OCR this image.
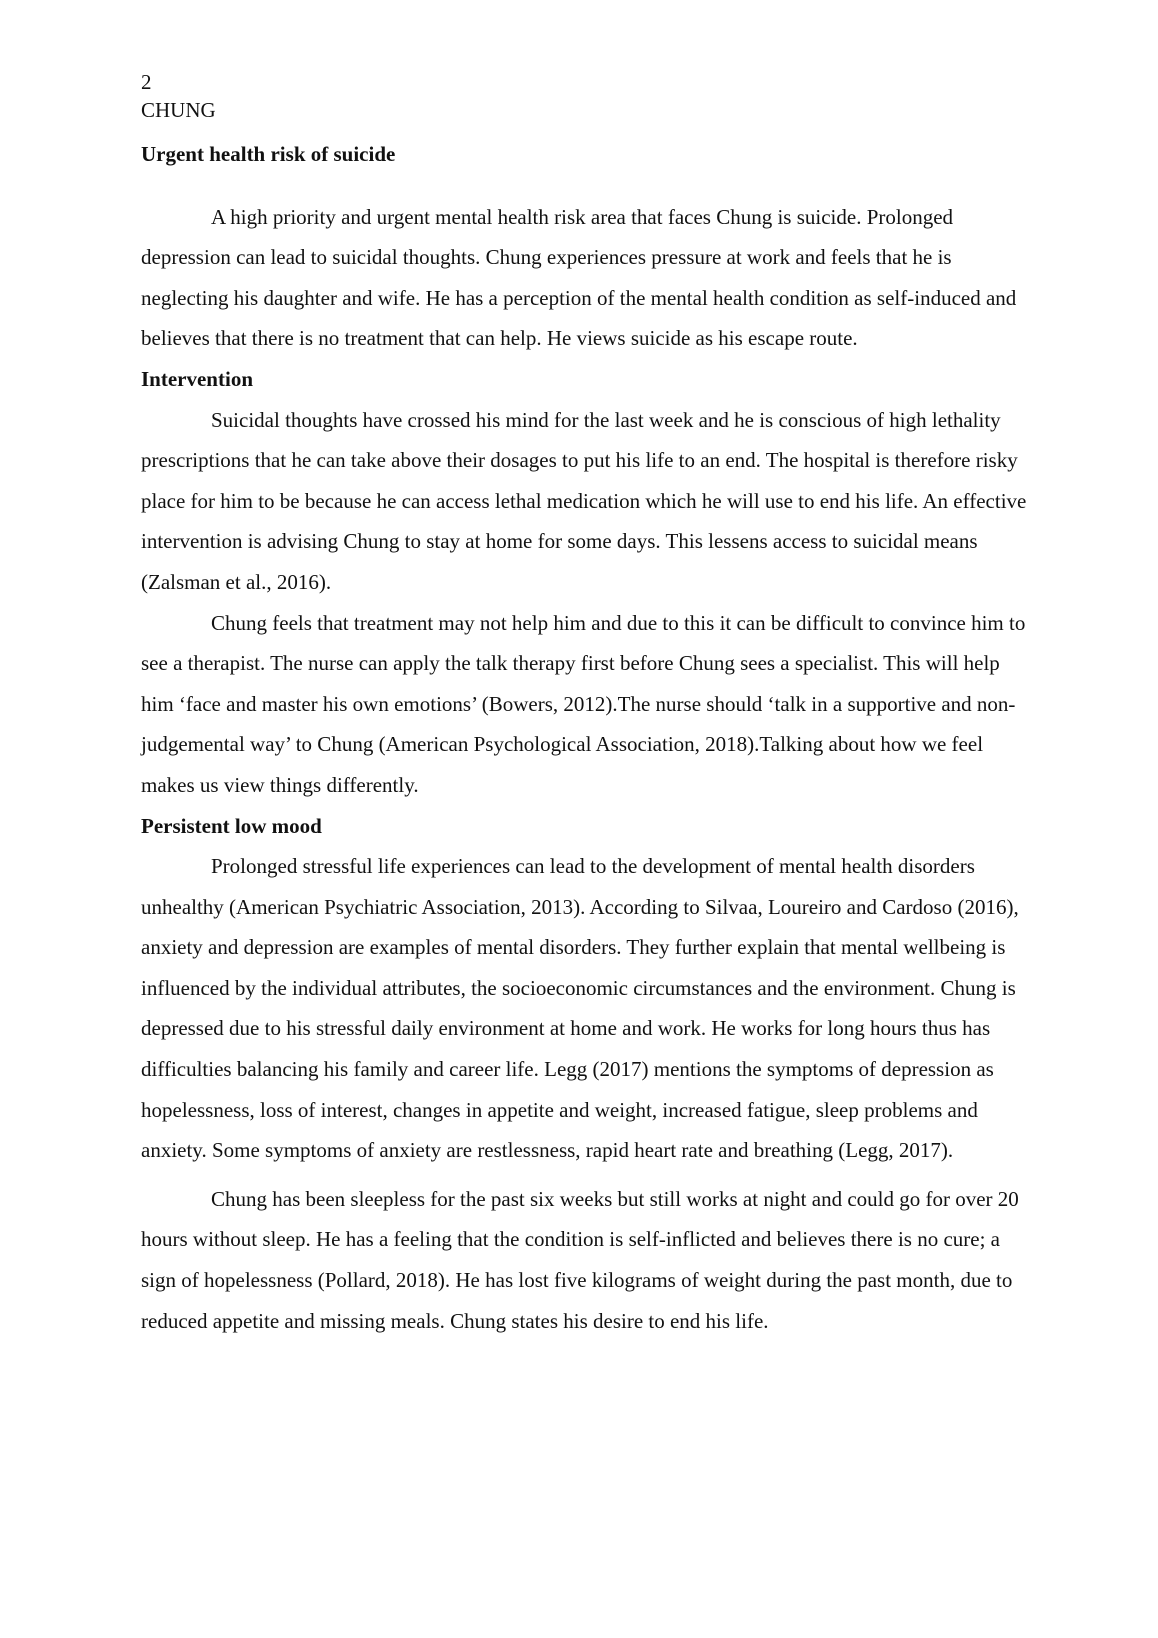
2

CHUNG

Urgent health risk of suicide

A high priority and urgent mental health risk area that faces Chung is suicide. Prolonged depression can lead to suicidal thoughts. Chung experiences pressure at work and feels that he is neglecting his daughter and wife. He has a perception of the mental health condition as self-induced and believes that there is no treatment that can help. He views suicide as his escape route.

Intervention

Suicidal thoughts have crossed his mind for the last week and he is conscious of high lethality prescriptions that he can take above their dosages to put his life to an end. The hospital is therefore risky place for him to be because he can access lethal medication which he will use to end his life. An effective intervention is advising Chung to stay at home for some days. This lessens access to suicidal means (Zalsman et al., 2016).

Chung feels that treatment may not help him and due to this it can be difficult to convince him to see a therapist. The nurse can apply the talk therapy first before Chung sees a specialist. This will help him ‘face and master his own emotions’ (Bowers, 2012).The nurse should ‘talk in a supportive and non-judgemental way’ to Chung (American Psychological Association, 2018).Talking about how we feel makes us view things differently.

Persistent low mood

Prolonged stressful life experiences can lead to the development of mental health disorders unhealthy (American Psychiatric Association, 2013). According to Silvaa, Loureiro and Cardoso (2016), anxiety and depression are examples of mental disorders. They further explain that mental wellbeing is influenced by the individual attributes, the socioeconomic circumstances and the environment. Chung is depressed due to his stressful daily environment at home and work. He works for long hours thus has difficulties balancing his family and career life. Legg (2017) mentions the symptoms of depression as hopelessness, loss of interest, changes in appetite and weight, increased fatigue, sleep problems and anxiety. Some symptoms of anxiety are restlessness, rapid heart rate and breathing (Legg, 2017).

Chung has been sleepless for the past six weeks but still works at night and could go for over 20 hours without sleep. He has a feeling that the condition is self-inflicted and believes there is no cure; a sign of hopelessness (Pollard, 2018). He has lost five kilograms of weight during the past month, due to reduced appetite and missing meals. Chung states his desire to end his life.
